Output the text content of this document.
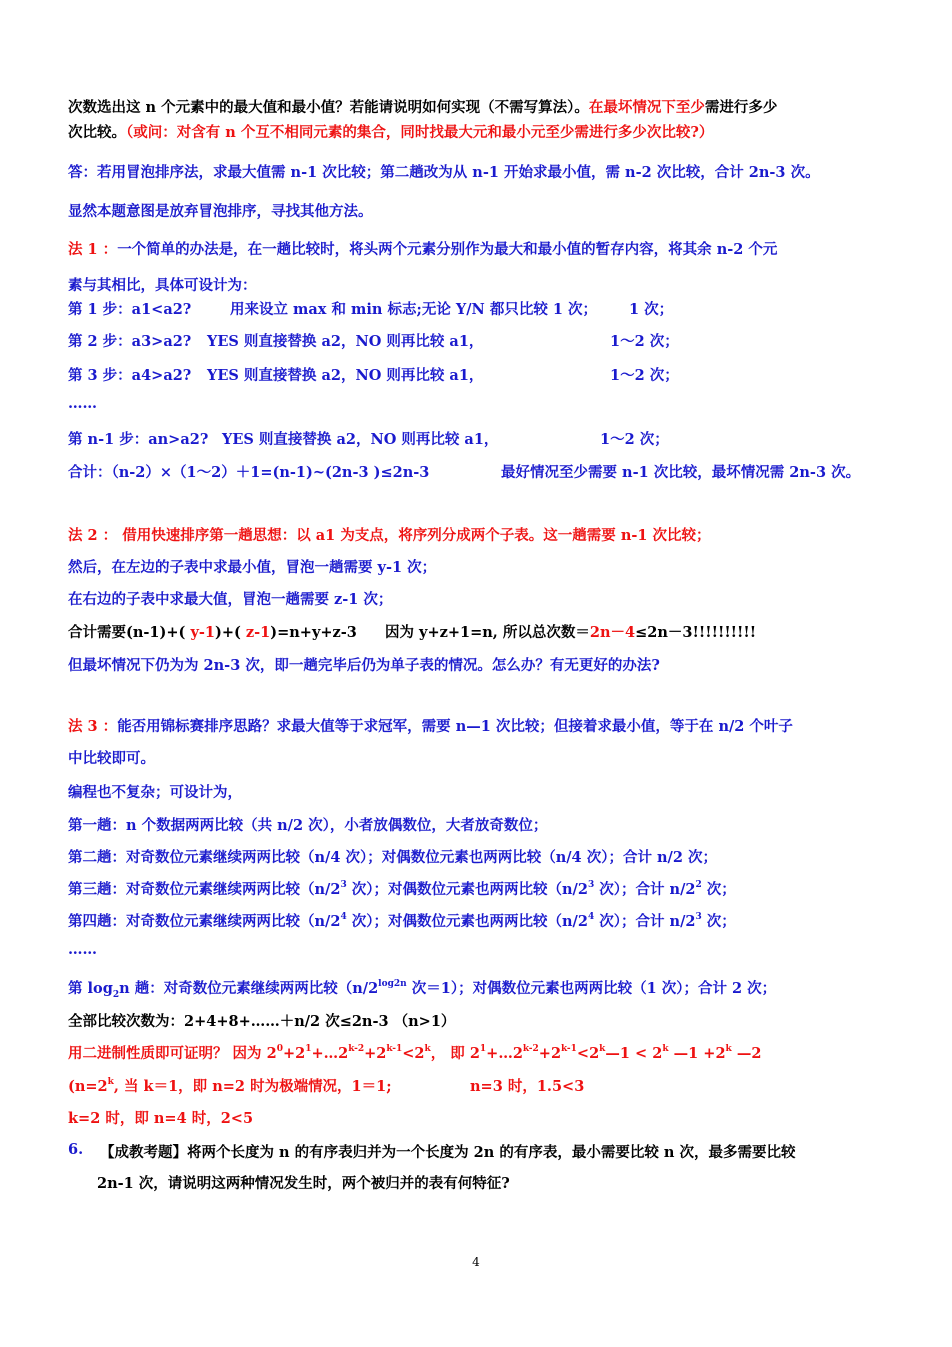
次数选出这 n 个元素中的最大值和最小值？若能请说明如何实现（不需写算法）。在最坏情况下至少需进行多少
次比较。（或问：对含有 n 个互不相同元素的集合，同时找最大元和最小元至少需进行多少次比较?）
答：若用冒泡排序法，求最大值需 n-1 次比较；第二趟改为从 n-1 开始求最小值，需 n-2 次比较，合计 2n-3 次。
显然本题意图是放弃冒泡排序，寻找其他方法。
法 1 ：一个简单的办法是，在一趟比较时，将头两个元素分别作为最大和最小值的暂存内容，将其余 n-2 个元
素与其相比，具体可设计为：
第 1 步：a1<a2?	用来设立 max 和 min 标志;无论 Y/N 都只比较 1 次； 1 次；
第 2 步：a3>a2? YES 则直接替换 a2，NO 则再比较 a1，	1～2 次；
第 3 步：a4>a2? YES 则直接替换 a2，NO 则再比较 a1，	1～2 次；
……
第 n-1 步：an>a2? YES 则直接替换 a2，NO 则再比较 a1，	1～2 次；
合计：（n-2）×（1～2）＋1=(n-1)~(2n-3 )≤2n-3	最好情况至少需要 n-1 次比较，最坏情况需 2n-3 次。
法 2 ： 借用快速排序第一趟思想：以 a1 为支点，将序列分成两个子表。这一趟需要 n-1 次比较；
然后，在左边的子表中求最小值，冒泡一趟需要 y-1 次；
在右边的子表中求最大值，冒泡一趟需要 z-1 次；
合计需要(n-1)+( y-1)+( z-1)=n+y+z-3 因为 y+z+1=n, 所以总次数＝2n－4≤2n－3!!!!!!!!!!
但最坏情况下仍为为 2n-3 次，即一趟完毕后仍为单子表的情况。怎么办？有无更好的办法?
法 3 ：能否用锦标赛排序思路？求最大值等于求冠军，需要 n—1 次比较；但接着求最小值，等于在 n/2 个叶子
中比较即可。
编程也不复杂；可设计为，
第一趟：n 个数据两两比较（共 n/2 次），小者放偶数位，大者放奇数位；
第二趟：对奇数位元素继续两两比较（n/4 次）；对偶数位元素也两两比较（n/4 次）；合计 n/2 次；
第三趟：对奇数位元素继续两两比较（$n/2^3$ 次）；对偶数位元素也两两比较（$n/2^3$ 次）；合计 $n/2^2$ 次；
第四趟：对奇数位元素继续两两比较（$n/2^4$ 次）；对偶数位元素也两两比较（$n/2^4$ 次）；合计 $n/2^3$ 次；
……
第 $\log_2n$ 趟：对奇数位元素继续两两比较（$n/2^{log2n}$ 次＝1）；对偶数位元素也两两比较（1 次）；合计 2 次；
全部比较次数为：2+4+8+……＋n/2 次≤2n-3 （n>1）
用二进制性质即可证明？ 因为 $2^0+2^1+\dots 2^{k-2}+2^{k-1}<2^k$， 即 $2^1+\dots 2^{k-2}+2^{k-1}<2^k—1 < 2^k$ —1 $+2^k$ —2
($n=2^k$, 当 k＝1，即 n=2 时为极端情况，1＝1;	n=3 时，1.5<3
k=2 时，即 n=4 时，2<5
6. 【成教考题】将两个长度为 n 的有序表归并为一个长度为 2n 的有序表，最小需要比较 n 次，最多需要比较
2n-1 次，请说明这两种情况发生时，两个被归并的表有何特征?
4
